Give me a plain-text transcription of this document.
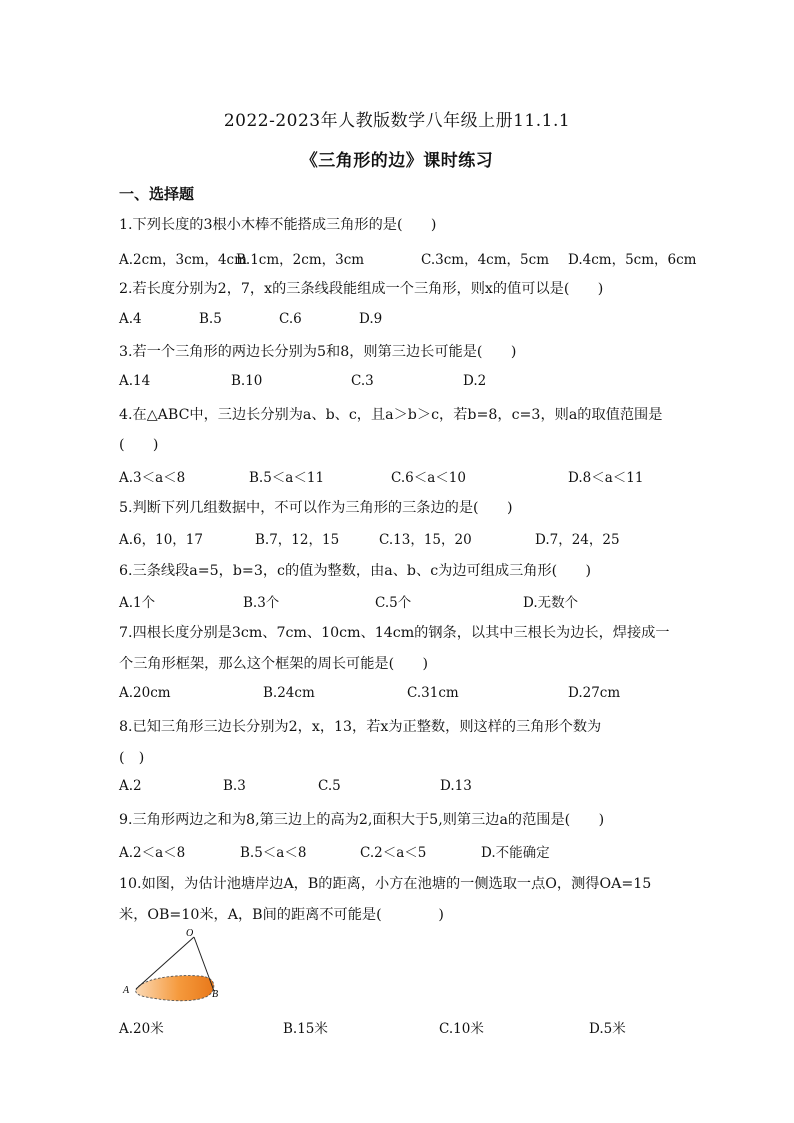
2022-2023年人教版数学八年级上册11.1.1
《三角形的边》课时练习
一、选择题
1.下列长度的3根小木棒不能搭成三角形的是(　　)
A.2cm，3cm，4cm
B.1cm，2cm，3cm	C.3cm，4cm，5cm D.4cm，5cm，6cm
2.若长度分别为2，7，x的三条线段能组成一个三角形，则x的值可以是(　　)
A.4	B.5	C.6	D.9
3.若一个三角形的两边长分别为5和8，则第三边长可能是(　　)
A.14	B.10	C.3	D.2
4.在△ABC中，三边长分别为a、b、c，且a＞b＞c，若b=8，c=3，则a的取值范围是
(　　)
A.3＜a＜8	B.5＜a＜11	C.6＜a＜10	D.8＜a＜11
5.判断下列几组数据中，不可以作为三角形的三条边的是(　　)
A.6，10，17	B.7，12，15	C.13，15，20	D.7，24，25
6.三条线段a=5，b=3，c的值为整数，由a、b、c为边可组成三角形(　　)
A.1个	B.3个	C.5个	D.无数个
7.四根长度分别是3cm、7cm、10cm、14cm的钢条，以其中三根长为边长，焊接成一
个三角形框架，那么这个框架的周长可能是(　　)
A.20cm	B.24cm	C.31cm	D.27cm
8.已知三角形三边长分别为2，x，13，若x为正整数，则这样的三角形个数为
(　)
A.2	B.3	C.5	D.13
9.三角形两边之和为8,第三边上的高为2,面积大于5,则第三边a的范围是(　　)
A.2＜a＜8	B.5＜a＜8	C.2＜a＜5	D.不能确定
10.如图，为估计池塘岸边A，B的距离，小方在池塘的一侧选取一点O，测得OA=15
米，OB=10米，A，B间的距离不可能是(　　　　)
A.20米	B.15米	C.10米	D.5米
O
A	B
